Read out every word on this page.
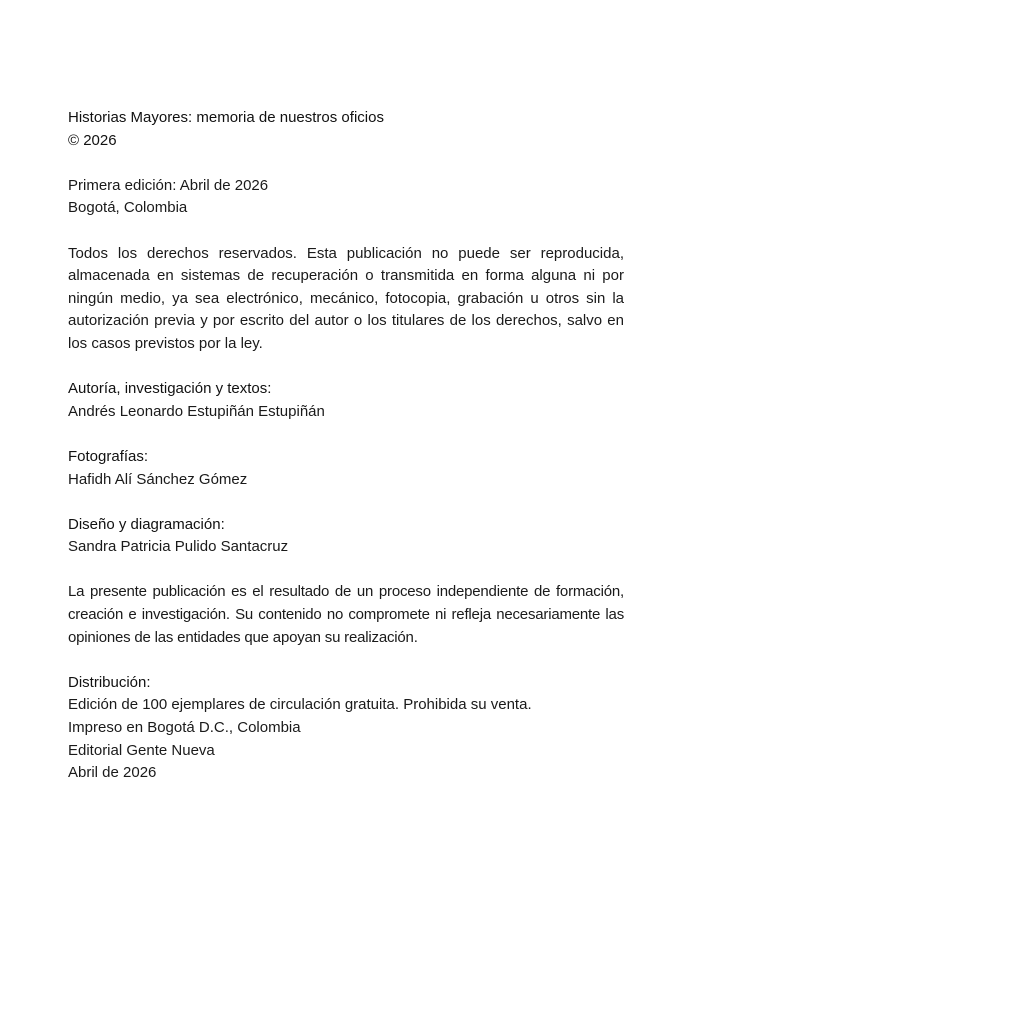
Historias Mayores: memoria de nuestros oficios
© 2026
Primera edición: Abril de 2026
Bogotá, Colombia
Todos los derechos reservados. Esta publicación no puede ser reproducida, almacenada en sistemas de recuperación o transmitida en forma alguna ni por ningún medio, ya sea electrónico, mecánico, fotocopia, grabación u otros sin la autorización previa y por escrito del autor o los titulares de los derechos, salvo en los casos previstos por la ley.
Autoría, investigación y textos:
Andrés Leonardo Estupiñán Estupiñán
Fotografías:
Hafidh Alí Sánchez Gómez
Diseño y diagramación:
Sandra Patricia Pulido Santacruz
La presente publicación es el resultado de un proceso independiente de formación, creación e investigación. Su contenido no compromete ni refleja necesariamente las opiniones de las entidades que apoyan su realización.
Distribución:
Edición de 100 ejemplares de circulación gratuita. Prohibida su venta.
Impreso en Bogotá D.C., Colombia
Editorial Gente Nueva
Abril de 2026
